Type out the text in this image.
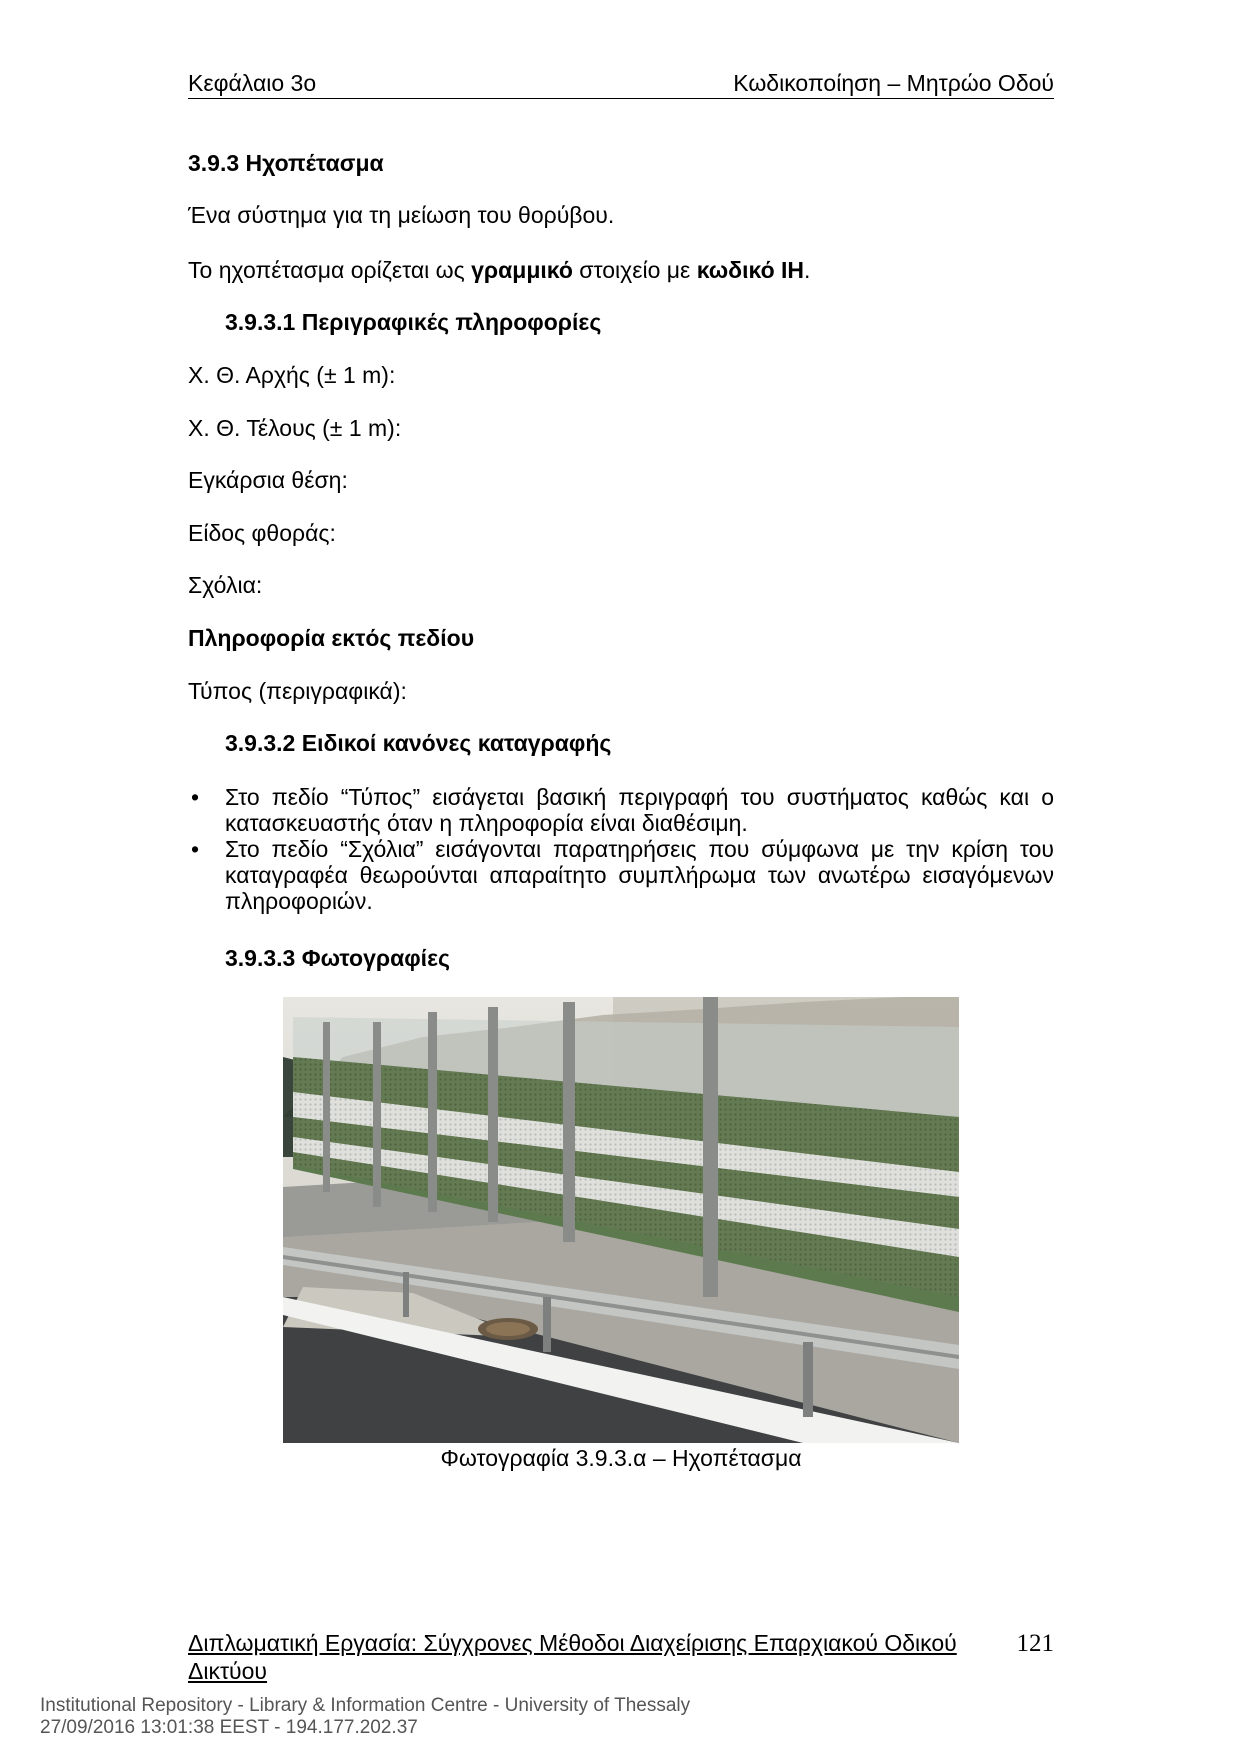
Κεφάλαιο 3ο	Κωδικοποίηση – Μητρώο Οδού
3.9.3 Ηχοπέτασμα
Ένα σύστημα για τη μείωση του θορύβου.
Το ηχοπέτασμα ορίζεται ως γραμμικό στοιχείο με κωδικό ΙΗ.
3.9.3.1 Περιγραφικές πληροφορίες
Χ. Θ. Αρχής (± 1 m):
Χ. Θ. Τέλους (± 1 m):
Εγκάρσια θέση:
Είδος φθοράς:
Σχόλια:
Πληροφορία εκτός πεδίου
Τύπος (περιγραφικά):
3.9.3.2 Ειδικοί κανόνες καταγραφής
• Στο πεδίο “Τύπος” εισάγεται βασική περιγραφή του συστήματος καθώς και ο κατασκευαστής όταν η πληροφορία είναι διαθέσιμη.
• Στο πεδίο “Σχόλια” εισάγονται παρατηρήσεις που σύμφωνα με την κρίση του καταγραφέα θεωρούνται απαραίτητο συμπλήρωμα των ανωτέρω εισαγόμενων πληροφοριών.
3.9.3.3 Φωτογραφίες
Φωτογραφία 3.9.3.α – Ηχοπέτασμα
Διπλωματική Εργασία: Σύγχρονες Μέθοδοι Διαχείρισης Επαρχιακού Οδικού Δικτύου
121
Institutional Repository - Library & Information Centre - University of Thessaly
27/09/2016 13:01:38 EEST - 194.177.202.37
